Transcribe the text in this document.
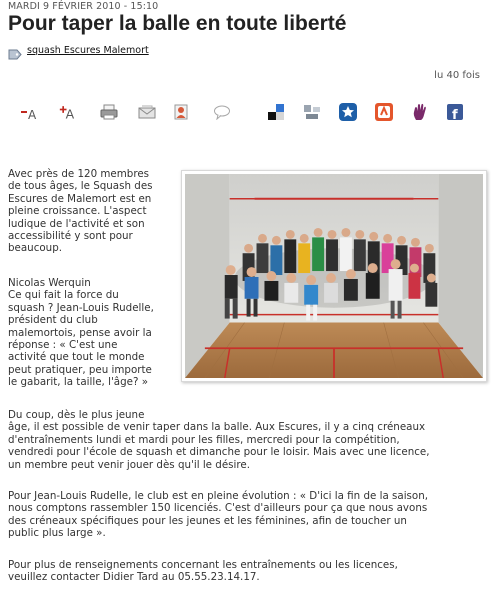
MARDI 9 FÉVRIER 2010 - 15:10
Pour taper la balle en toute liberté
squash Escures Malemort
lu 40 fois
A A	f

Avec près de 120 membres
de tous âges, le Squash des
Escures de Malemort est en
pleine croissance. L'aspect
ludique de l'activité et son
accessibilité y sont pour
beaucoup.

Nicolas Werquin
Ce qui fait la force du
squash ? Jean-Louis Rudelle,
président du club
malemortois, pense avoir la
réponse : « C'est une
activité que tout le monde
peut pratiquer, peu importe
le gabarit, la taille, l'âge? »

Du coup, dès le plus jeune
âge, il est possible de venir taper dans la balle. Aux Escures, il y a cinq créneaux
d'entraînements lundi et mardi pour les filles, mercredi pour la compétition,
vendredi pour l'école de squash et dimanche pour le loisir. Mais avec une licence,
un membre peut venir jouer dès qu'il le désire.

Pour Jean-Louis Rudelle, le club est en pleine évolution : « D'ici la fin de la saison,
nous comptons rassembler 150 licenciés. C'est d'ailleurs pour ça que nous avons
des créneaux spécifiques pour les jeunes et les féminines, afin de toucher un
public plus large ».

Pour plus de renseignements concernant les entraînements ou les licences,
veuillez contacter Didier Tard au 05.55.23.14.17.
